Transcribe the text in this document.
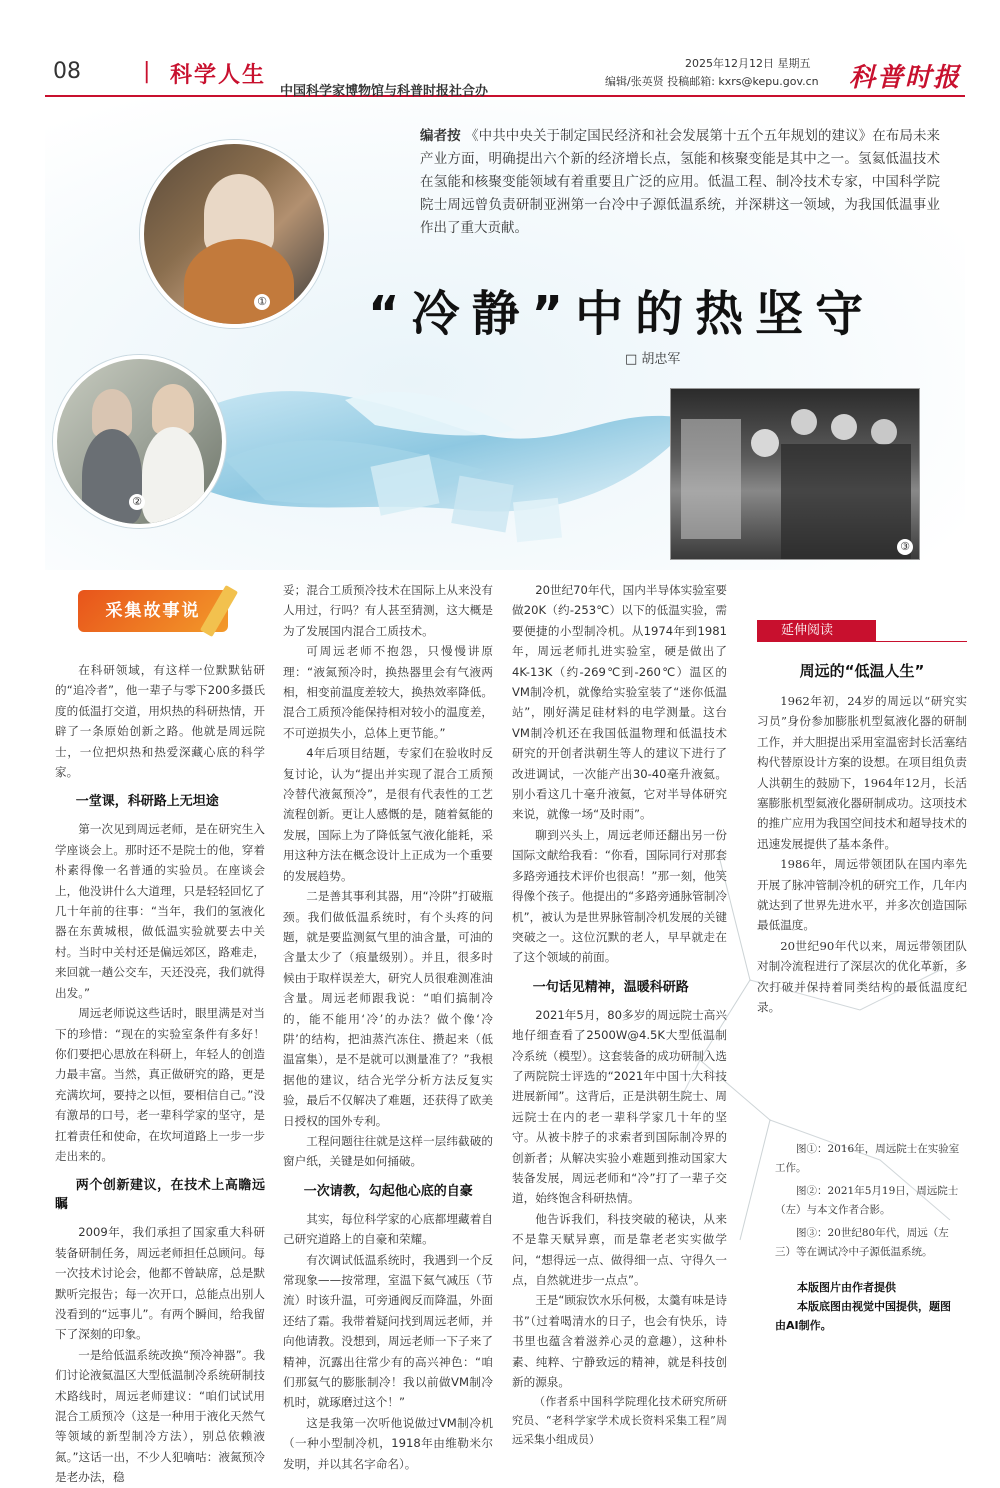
08	| 科学人生
中国科学家博物馆与科普时报社合办
2025年12月12日 星期五
编辑/张英贤 投稿邮箱: kxrs@kepu.gov.cn 科普时报
①
②
编者按 《中共中央关于制定国民经济和社会发展第十五个五年规划的建议》在布局未来产业方面，明确提出六个新的经济增长点，氢能和核聚变能是其中之一。氢氦低温技术在氢能和核聚变能领域有着重要且广泛的应用。低温工程、制冷技术专家，中国科学院院士周远曾负责研制亚洲第一台冷中子源低温系统，并深耕这一领域，为我国低温事业作出了重大贡献。
“冷静”中的热坚守
□ 胡忠军
③
采集故事说

在科研领域，有这样一位默默钻研的“追冷者”，他一辈子与零下200多摄氏度的低温打交道，用炽热的科研热情，开辟了一条原始创新之路。他就是周远院士，一位把炽热和热爱深藏心底的科学家。

一堂课，科研路上无坦途

第一次见到周远老师，是在研究生入学座谈会上。那时还不是院士的他，穿着朴素得像一名普通的实验员。在座谈会上，他没讲什么大道理，只是轻轻回忆了几十年前的往事：“当年，我们的氢液化器在东黄城根，做低温实验就要去中关村。当时中关村还是偏远郊区，路难走，来回就一趟公交车，天还没亮，我们就得出发。”

周远老师说这些话时，眼里满是对当下的珍惜：“现在的实验室条件有多好！你们要把心思放在科研上，年轻人的创造力最丰富。当然，真正做研究的路，更是充满坎坷，要持之以恒，要相信自己。”没有激昂的口号，老一辈科学家的坚守，是扛着责任和使命，在坎坷道路上一步一步走出来的。

两个创新建议，在技术上高瞻远瞩

2009年，我们承担了国家重大科研装备研制任务，周远老师担任总顾问。每一次技术讨论会，他都不曾缺席，总是默默听完报告；每一次开口，总能点出别人没看到的“远事儿”。有两个瞬间，给我留下了深刻的印象。

一是给低温系统改换“预冷神器”。我们讨论液氦温区大型低温制冷系统研制技术路线时，周远老师建议：“咱们试试用混合工质预冷（这是一种用于液化天然气等领域的新型制冷方法），别总依赖液氮。”这话一出，不少人犯嘀咕：液氮预冷是老办法，稳

妥；混合工质预冷技术在国际上从来没有人用过，行吗？有人甚至猜测，这大概是为了发展国内混合工质技术。

可周远老师不抱怨，只慢慢讲原理：“液氮预冷时，换热器里会有气液两相，相变前温度差较大，换热效率降低。混合工质预冷能保持相对较小的温度差，不可逆损失小，总体上更节能。”

4年后项目结题，专家们在验收时反复讨论，认为“提出并实现了混合工质预冷替代液氮预冷”，是很有代表性的工艺流程创新。更让人感慨的是，随着氦能的发展，国际上为了降低氢气液化能耗，采用这种方法在概念设计上正成为一个重要的发展趋势。

二是善其事利其器，用“冷阱”打破瓶颈。我们做低温系统时，有个头疼的问题，就是要监测氦气里的油含量，可油的含量太少了（痕量级别）。并且，很多时候由于取样误差大，研究人员很难测准油含量。周远老师跟我说：“咱们搞制冷的，能不能用‘冷’的办法？做个像‘冷阱’的结构，把油蒸汽冻住、攒起来（低温富集），是不是就可以测量准了？”我根据他的建议，结合光学分析方法反复实验，最后不仅解决了难题，还获得了欧美日授权的国外专利。

工程问题往往就是这样一层纬截破的窗户纸，关键是如何捅破。

一次请教，勾起他心底的自豪

其实，每位科学家的心底都埋藏着自己研究道路上的自豪和荣耀。

有次调试低温系统时，我遇到一个反常现象——按常理，室温下氦气减压（节流）时该升温，可旁通阀反而降温，外面还结了霜。我带着疑问找到周远老师，并向他请教。没想到，周远老师一下子来了精神，沉露出往常少有的高兴神色：“咱们那氦气的膨胀制冷！我以前做VM制冷机时，就琢磨过这个！”

这是我第一次听他说做过VM制冷机（一种小型制冷机，1918年由维勒米尔发明，并以其名字命名）。

20世纪70年代，国内半导体实验室要做20K（约-253℃）以下的低温实验，需要便捷的小型制冷机。从1974年到1981年，周远老师扎进实验室，硬是做出了4K-13K（约-269℃到-260℃）温区的VM制冷机，就像给实验室装了“迷你低温站”，刚好满足硅材料的电学测量。这台VM制冷机还在我国低温物理和低温技术研究的开创者洪朝生等人的建议下进行了改进调试，一次能产出30-40毫升液氦。别小看这几十毫升液氦，它对半导体研究来说，就像一场“及时雨”。

聊到兴头上，周远老师还翻出另一份国际文献给我看：“你看，国际同行对那套多路旁通技术评价也很高！”那一刻，他笑得像个孩子。他提出的“多路旁通脉管制冷机”，被认为是世界脉管制冷机发展的关键突破之一。这位沉默的老人，早早就走在了这个领域的前面。

一句话见精神，温暖科研路

2021年5月，80多岁的周远院士高兴地仔细查看了2500W@4.5K大型低温制冷系统（模型）。这套装备的成功研制入选了两院院士评选的“2021年中国十大科技进展新闻”。这背后，正是洪朝生院士、周远院士在内的老一辈科学家几十年的坚守。从被卡脖子的求索者到国际制冷界的创新者；从解决实验小难题到推动国家大装备发展，周远老师和“冷”打了一辈子交道，始终饱含科研热情。

他告诉我们，科技突破的秘诀，从来不是靠天赋异禀，而是靠老老实实做学问，“想得远一点、做得细一点、守得久一点，自然就进步一点点”。

王是“顾寂饮水乐何极，太羹有味是诗书”（过着喝清水的日子，也会有快乐，诗书里也蕴含着滋养心灵的意趣），这种朴素、纯粹、宁静致远的精神，就是科技创新的源泉。

（作者系中国科学院理化技术研究所研究员、“老科学家学术成长资料采集工程”周远采集小组成员）

延伸阅读
周远的“低温人生”

1962年初，24岁的周远以“研究实习员”身份参加膨胀机型氦液化器的研制工作，并大胆提出采用室温密封长活塞结构代替原设计方案的设想。在项目组负责人洪朝生的鼓励下，1964年12月，长活塞膨胀机型氦液化器研制成功。这项技术的推广应用为我国空间技术和超导技术的迅速发展提供了基本条件。

1986年，周远带领团队在国内率先开展了脉冲管制冷机的研究工作，几年内就达到了世界先进水平，并多次创造国际最低温度。

20世纪90年代以来，周远带领团队对制冷流程进行了深层次的优化革新，多次打破并保持着同类结构的最低温度纪录。

图①：2016年，周远院士在实验室工作。

图②：2021年5月19日，周远院士（左）与本文作者合影。

图③：20世纪80年代，周远（左三）等在调试冷中子源低温系统。

本版图片由作者提供

本版底图由视觉中国提供，题图由AI制作。
